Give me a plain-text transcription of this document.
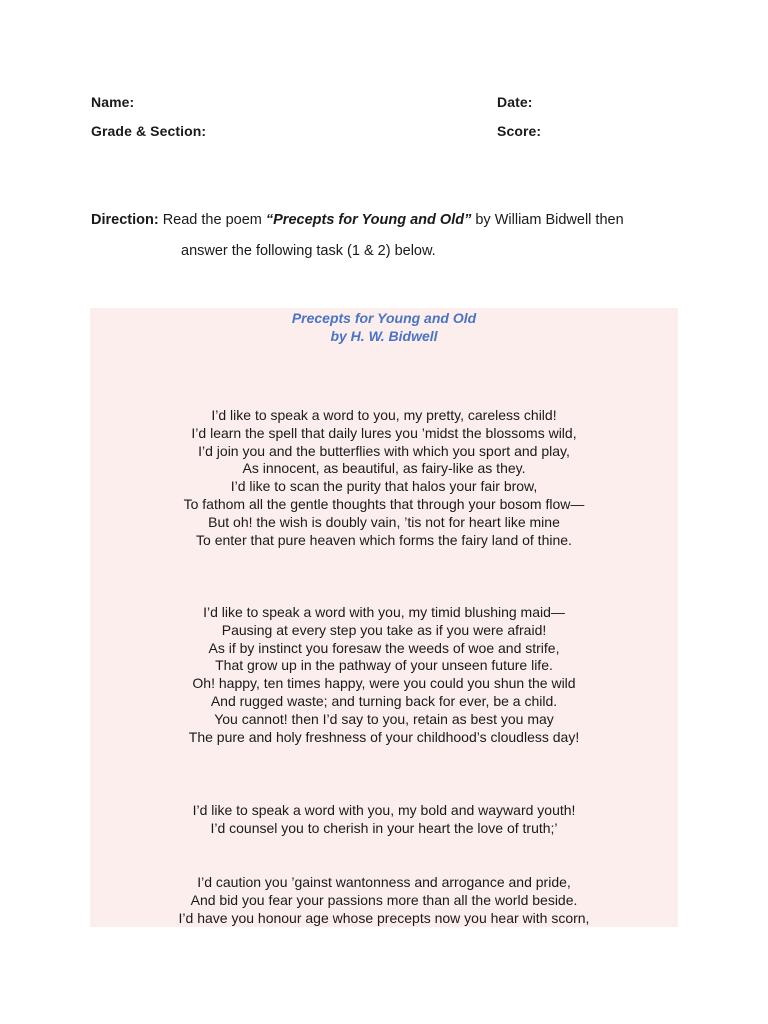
Name:	Date:
Grade & Section:	Score:
Direction: Read the poem “Precepts for Young and Old” by William Bidwell then
answer the following task (1 & 2) below.
Precepts for Young and Old
by H. W. Bidwell
I’d like to speak a word to you, my pretty, careless child!
I’d learn the spell that daily lures you ’midst the blossoms wild,
I’d join you and the butterflies with which you sport and play,
As innocent, as beautiful, as fairy-like as they.
I’d like to scan the purity that halos your fair brow,
To fathom all the gentle thoughts that through your bosom flow—
But oh! the wish is doubly vain, ’tis not for heart like mine
To enter that pure heaven which forms the fairy land of thine.
I’d like to speak a word with you, my timid blushing maid—
Pausing at every step you take as if you were afraid!
As if by instinct you foresaw the weeds of woe and strife,
That grow up in the pathway of your unseen future life.
Oh! happy, ten times happy, were you could you shun the wild
And rugged waste; and turning back for ever, be a child.
You cannot! then I’d say to you, retain as best you may
The pure and holy freshness of your childhood’s cloudless day!
I’d like to speak a word with you, my bold and wayward youth!
I’d counsel you to cherish in your heart the love of truth;’
I’d caution you ’gainst wantonness and arrogance and pride,
And bid you fear your passions more than all the world beside.
I’d have you honour age whose precepts now you hear with scorn,
